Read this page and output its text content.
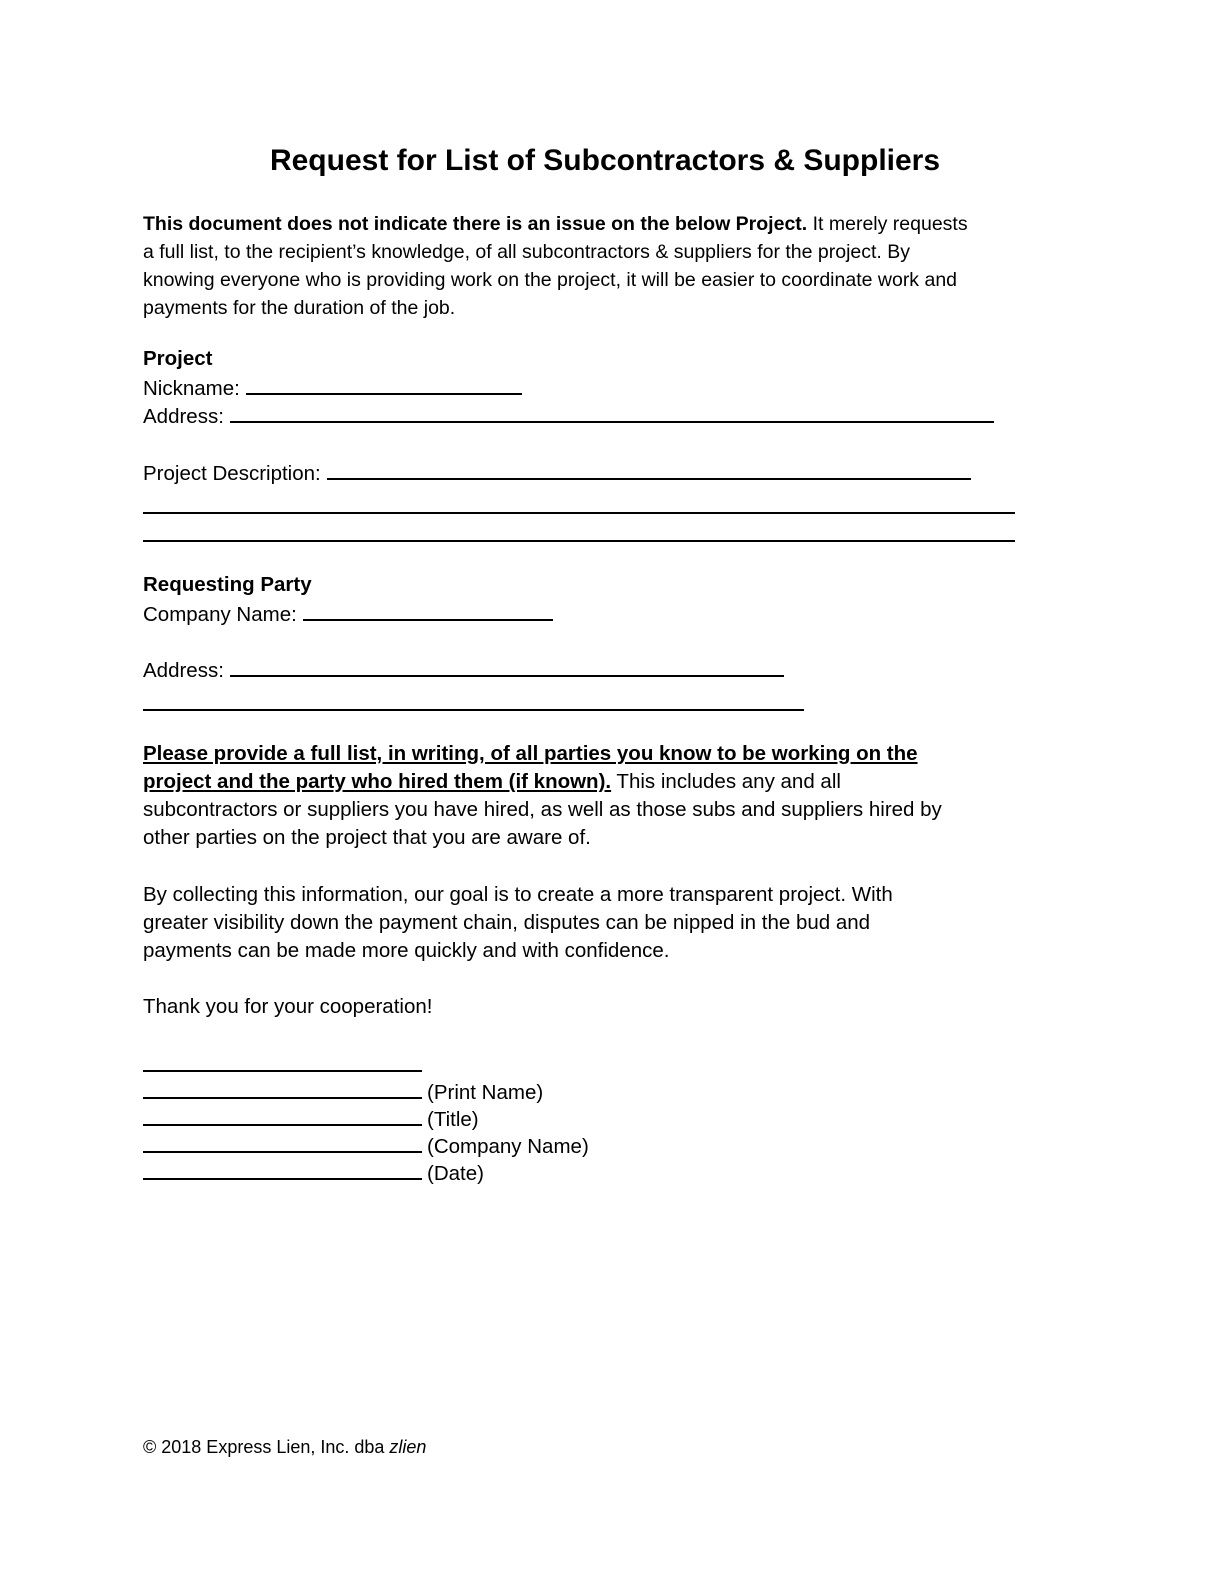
Request for List of Subcontractors & Suppliers
This document does not indicate there is an issue on the below Project. It merely requests
a full list, to the recipient’s knowledge, of all subcontractors & suppliers for the project. By
knowing everyone who is providing work on the project, it will be easier to coordinate work and
payments for the duration of the job.
Project
Nickname:
Address:
Project Description:
Requesting Party
Company Name:
Address:
Please provide a full list, in writing, of all parties you know to be working on the
project and the party who hired them (if known). This includes any and all
subcontractors or suppliers you have hired, as well as those subs and suppliers hired by
other parties on the project that you are aware of.
By collecting this information, our goal is to create a more transparent project. With
greater visibility down the payment chain, disputes can be nipped in the bud and
payments can be made more quickly and with confidence.
Thank you for your cooperation!
(Print Name)
(Title)
(Company Name)
(Date)
© 2018 Express Lien, Inc. dba zlien
